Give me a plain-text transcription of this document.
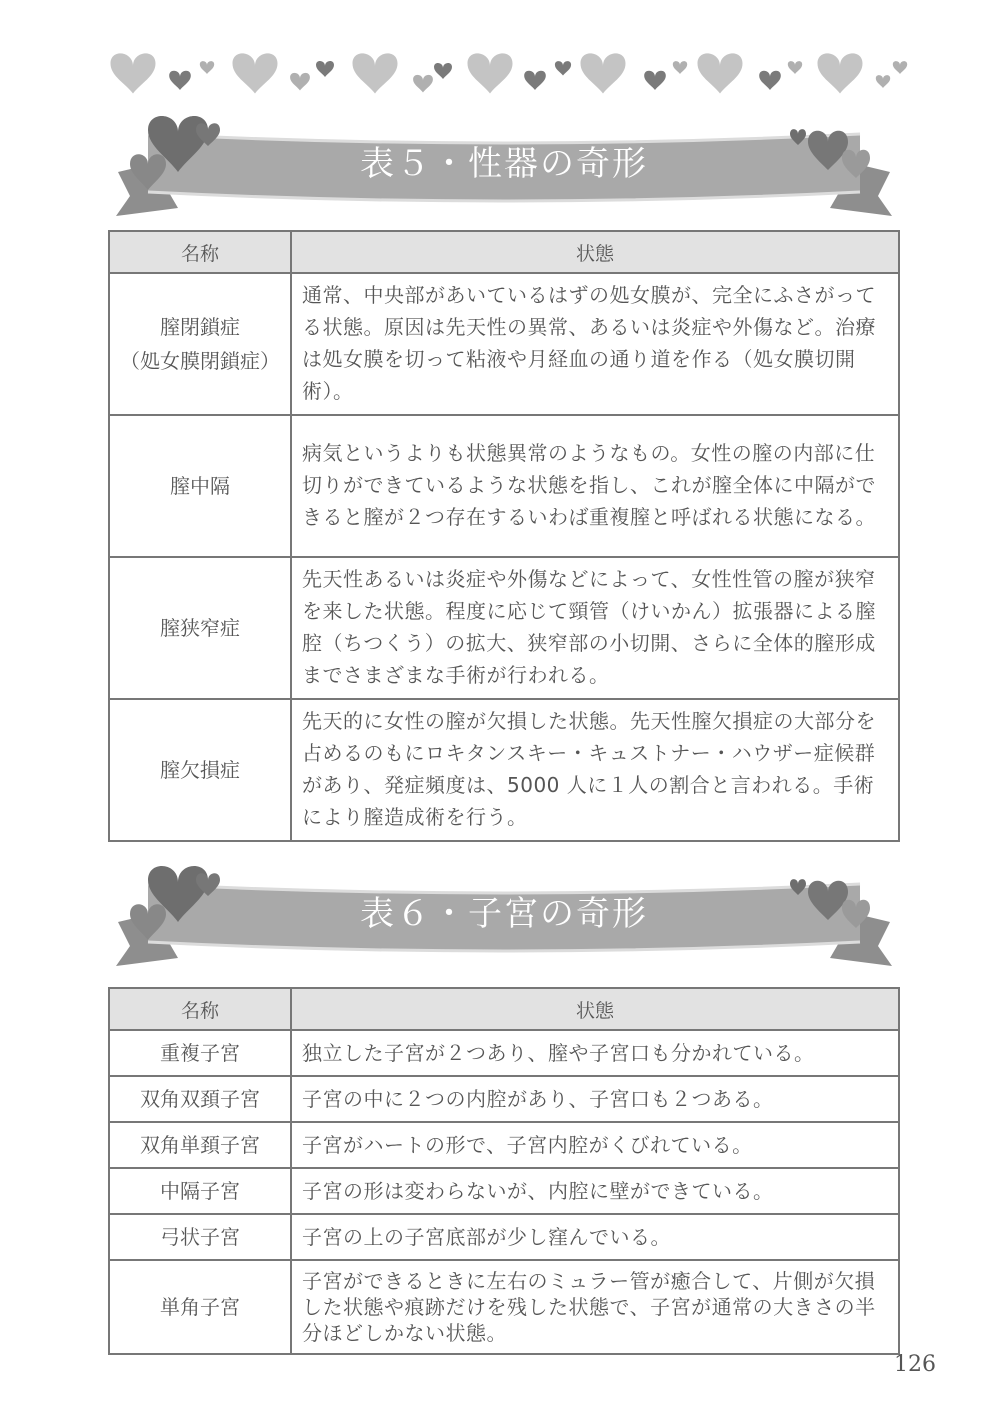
表５・性器の奇形
名称	状態

膣閉鎖症
（処女膜閉鎖症）	通常、中央部があいているはずの処女膜が、完全にふさがってる状態。原因は先天性の異常、あるいは炎症や外傷など。治療は処女膜を切って粘液や月経血の通り道を作る（処女膜切開術）。
膣中隔	病気というよりも状態異常のようなもの。女性の膣の内部に仕切りができているような状態を指し、これが膣全体に中隔ができると膣が２つ存在するいわば重複膣と呼ばれる状態になる。
膣狭窄症	先天性あるいは炎症や外傷などによって、女性性管の膣が狭窄を来した状態。程度に応じて頸管（けいかん）拡張器による膣腔（ちつくう）の拡大、狭窄部の小切開、さらに全体的膣形成までさまざまな手術が行われる。
膣欠損症	先天的に女性の膣が欠損した状態。先天性膣欠損症の大部分を占めるのもにロキタンスキー・キュストナー・ハウザー症候群があり、発症頻度は、5000 人に１人の割合と言われる。手術により膣造成術を行う。
表６・子宮の奇形
名称	状態
重複子宮	独立した子宮が２つあり、膣や子宮口も分かれている。
双角双頚子宮	子宮の中に２つの内腔があり、子宮口も２つある。
双角単頚子宮	子宮がハートの形で、子宮内腔がくびれている。
中隔子宮	子宮の形は変わらないが、内腔に壁ができている。
弓状子宮	子宮の上の子宮底部が少し窪んでいる。
単角子宮	子宮ができるときに左右のミュラー管が癒合して、片側が欠損した状態や痕跡だけを残した状態で、子宮が通常の大きさの半分ほどしかない状態。
126
